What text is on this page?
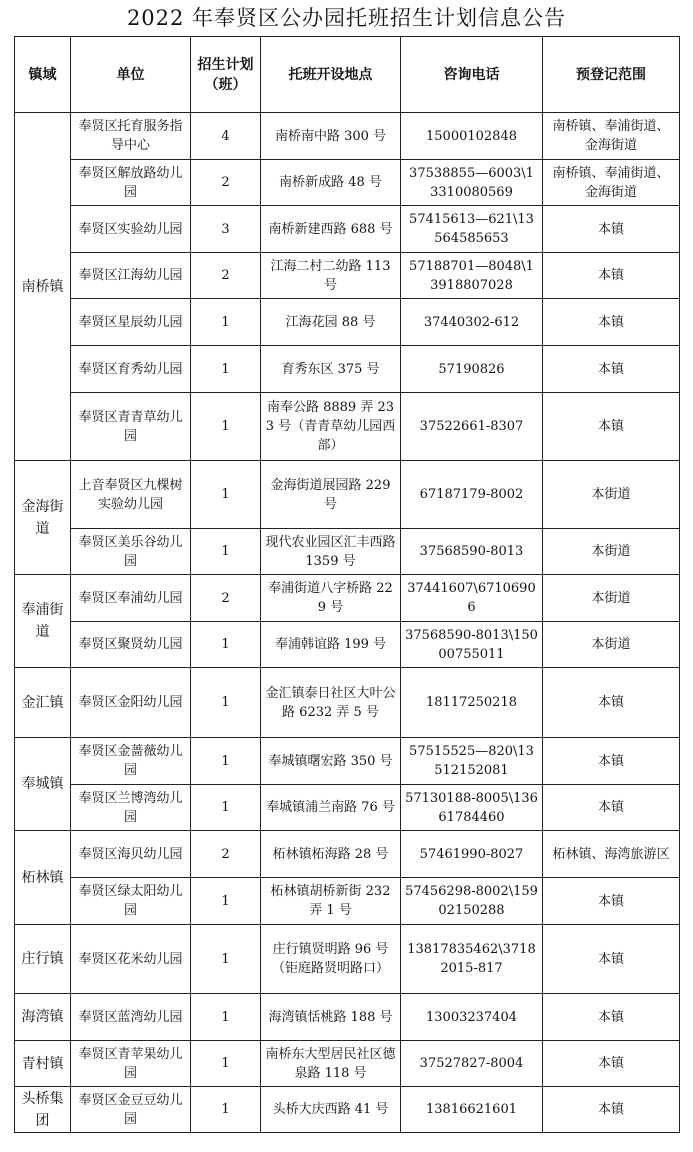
2022 年奉贤区公办园托班招生计划信息公告
镇域	单位	招生计划（班）	托班开设地点	咨询电话	预登记范围
南桥镇	奉贤区托育服务指导中心	4	南桥南中路 300 号	15000102848	南桥镇、奉浦街道、金海街道
	奉贤区解放路幼儿园	2	南桥新成路 48 号	37538855—6003\13310080569	南桥镇、奉浦街道、金海街道
	奉贤区实验幼儿园	3	南桥新建西路 688 号	57415613—621\13564585653	本镇
	奉贤区江海幼儿园	2	江海二村二幼路 113 号	57188701—8048\13918807028	本镇
	奉贤区星辰幼儿园	1	江海花园 88 号	37440302-612	本镇
	奉贤区育秀幼儿园	1	育秀东区 375 号	57190826	本镇
	奉贤区青青草幼儿园	1	南奉公路 8889 弄 233 号（青青草幼儿园西部）	37522661-8307	本镇
金海街道	上音奉贤区九棵树实验幼儿园	1	金海街道展园路 229 号	67187179-8002	本街道
	奉贤区美乐谷幼儿园	1	现代农业园区汇丰西路 1359 号	37568590-8013	本街道
奉浦街道	奉贤区奉浦幼儿园	2	奉浦街道八字桥路 229 号	37441607\67106906	本街道
	奉贤区聚贤幼儿园	1	奉浦韩谊路 199 号	37568590-8013\15000755011	本街道
金汇镇	奉贤区金阳幼儿园	1	金汇镇泰日社区大叶公路 6232 弄 5 号	18117250218	本镇
奉城镇	奉贤区金蔷薇幼儿园	1	奉城镇曙宏路 350 号	57515525—820\13512152081	本镇
	奉贤区兰博湾幼儿园	1	奉城镇浦兰南路 76 号	57130188-8005\13661784460	本镇
柘林镇	奉贤区海贝幼儿园	2	柘林镇柘海路 28 号	57461990-8027	柘林镇、海湾旅游区
	奉贤区绿太阳幼儿园	1	柘林镇胡桥新街 232 弄 1 号	57456298-8002\15902150288	本镇
庄行镇	奉贤区花米幼儿园	1	庄行镇贤明路 96 号（钜庭路贤明路口）	13817835462\37182015-817	本镇
海湾镇	奉贤区蓝湾幼儿园	1	海湾镇恬桃路 188 号	13003237404	本镇
青村镇	奉贤区青苹果幼儿园	1	南桥东大型居民社区德泉路 118 号	37527827-8004	本镇
头桥集团	奉贤区金豆豆幼儿园	1	头桥大庆西路 41 号	13816621601	本镇
